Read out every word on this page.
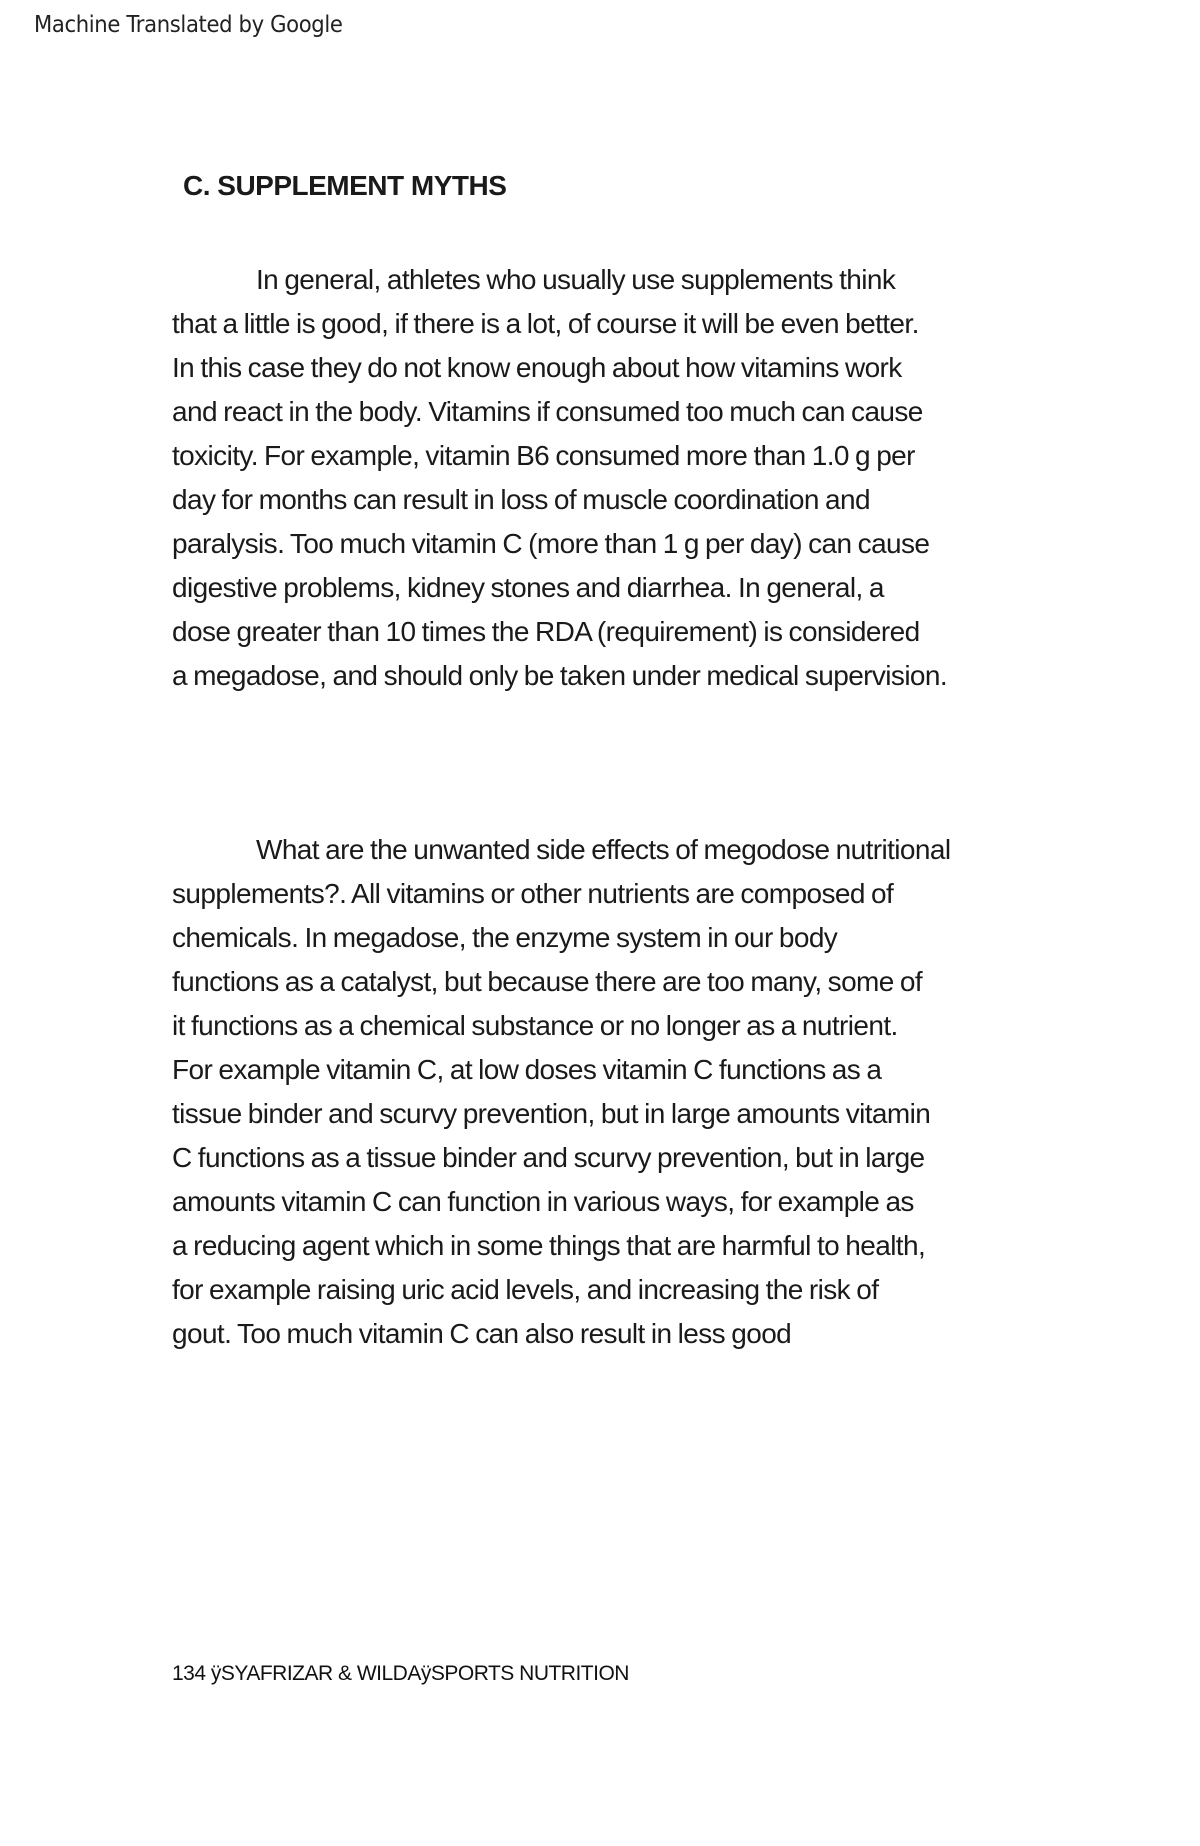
Machine Translated by Google
C. SUPPLEMENT MYTHS
In general, athletes who usually use supplements think
that a little is good, if there is a lot, of course it will be even better.
In this case they do not know enough about how vitamins work
and react in the body. Vitamins if consumed too much can cause
toxicity. For example, vitamin B6 consumed more than 1.0 g per
day for months can result in loss of muscle coordination and
paralysis. Too much vitamin C (more than 1 g per day) can cause
digestive problems, kidney stones and diarrhea. In general, a
dose greater than 10 times the RDA (requirement) is considered
a megadose, and should only be taken under medical supervision.
What are the unwanted side effects of megodose nutritional
supplements?. All vitamins or other nutrients are composed of
chemicals. In megadose, the enzyme system in our body
functions as a catalyst, but because there are too many, some of
it functions as a chemical substance or no longer as a nutrient.
For example vitamin C, at low doses vitamin C functions as a
tissue binder and scurvy prevention, but in large amounts vitamin
C functions as a tissue binder and scurvy prevention, but in large
amounts vitamin C can function in various ways, for example as
a reducing agent which in some things that are harmful to health,
for example raising uric acid levels, and increasing the risk of
gout. Too much vitamin C can also result in less good
134 ÿSYAFRIZAR & WILDAÿSPORTS NUTRITION
